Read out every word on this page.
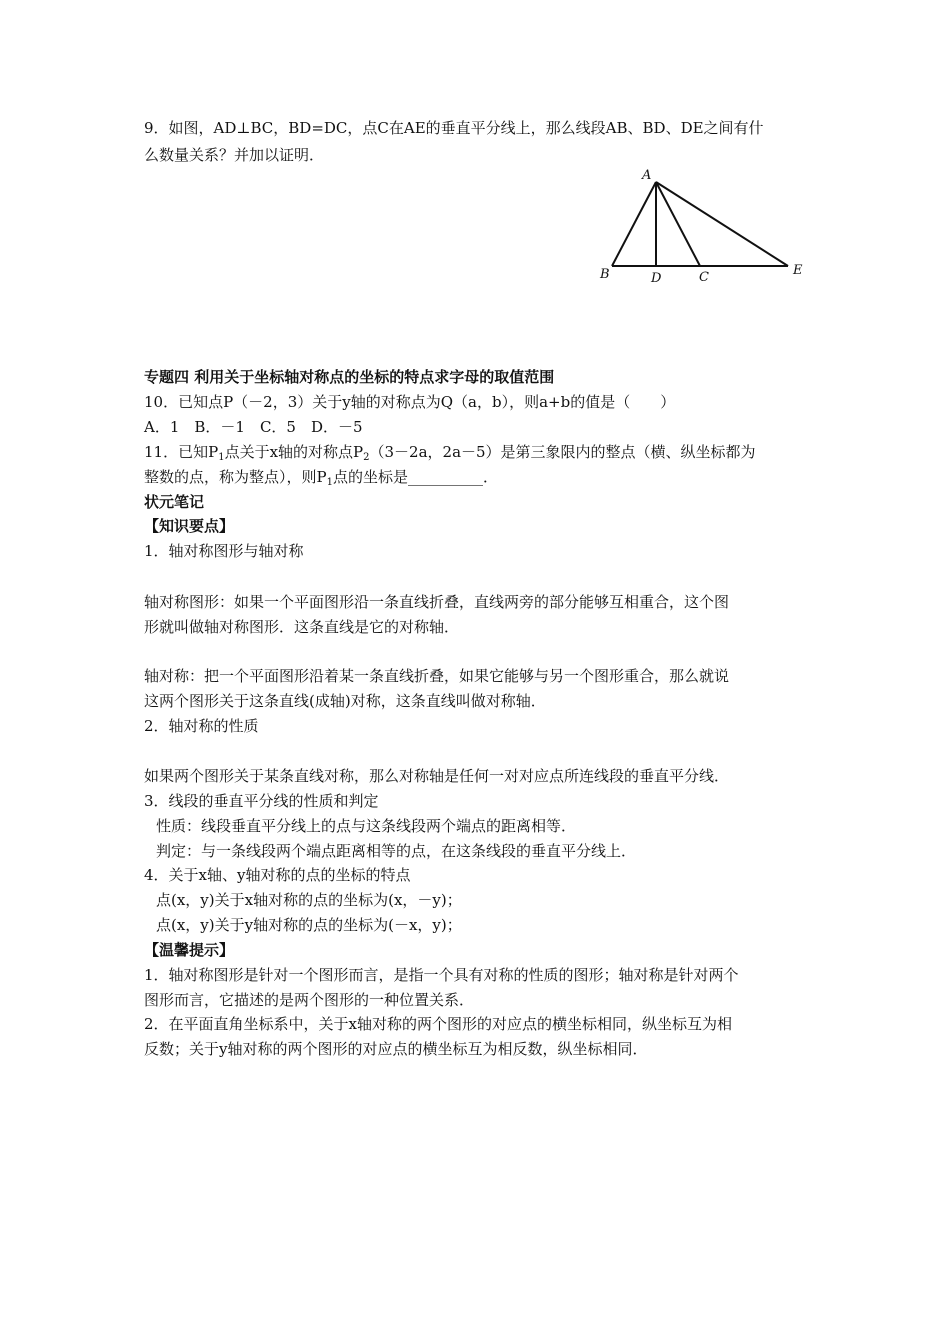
9．如图，AD⊥BC，BD=DC，点C在AE的垂直平分线上，那么线段AB、BD、DE之间有什
么数量关系？并加以证明．
A
B	D	C	E
专题四 利用关于坐标轴对称点的坐标的特点求字母的取值范围
10．已知点P（－2，3）关于y轴的对称点为Q（a，b），则a+b的值是（　　）
A．1　B．－1　C．5　D．－5
11．已知$P_1$点关于x轴的对称点$P_2(3-2a$，2a－5）是第三象限内的整点（横、纵坐标都为
整数的点，称为整点），则$P_1$点的坐标是__________．
状元笔记
【知识要点】
1．轴对称图形与轴对称
轴对称图形：如果一个平面图形沿一条直线折叠，直线两旁的部分能够互相重合，这个图
形就叫做轴对称图形．这条直线是它的对称轴．
轴对称：把一个平面图形沿着某一条直线折叠，如果它能够与另一个图形重合，那么就说
这两个图形关于这条直线(成轴)对称，这条直线叫做对称轴．
2．轴对称的性质
如果两个图形关于某条直线对称，那么对称轴是任何一对对应点所连线段的垂直平分线．
3．线段的垂直平分线的性质和判定
性质：线段垂直平分线上的点与这条线段两个端点的距离相等．
判定：与一条线段两个端点距离相等的点，在这条线段的垂直平分线上．
4．关于x轴、y轴对称的点的坐标的特点
点(x，y)关于x轴对称的点的坐标为(x，－y)；
点(x，y)关于y轴对称的点的坐标为(－x，y)；
【温馨提示】
1．轴对称图形是针对一个图形而言，是指一个具有对称的性质的图形；轴对称是针对两个
图形而言，它描述的是两个图形的一种位置关系．
2．在平面直角坐标系中，关于x轴对称的两个图形的对应点的横坐标相同，纵坐标互为相
反数；关于y轴对称的两个图形的对应点的横坐标互为相反数，纵坐标相同．
